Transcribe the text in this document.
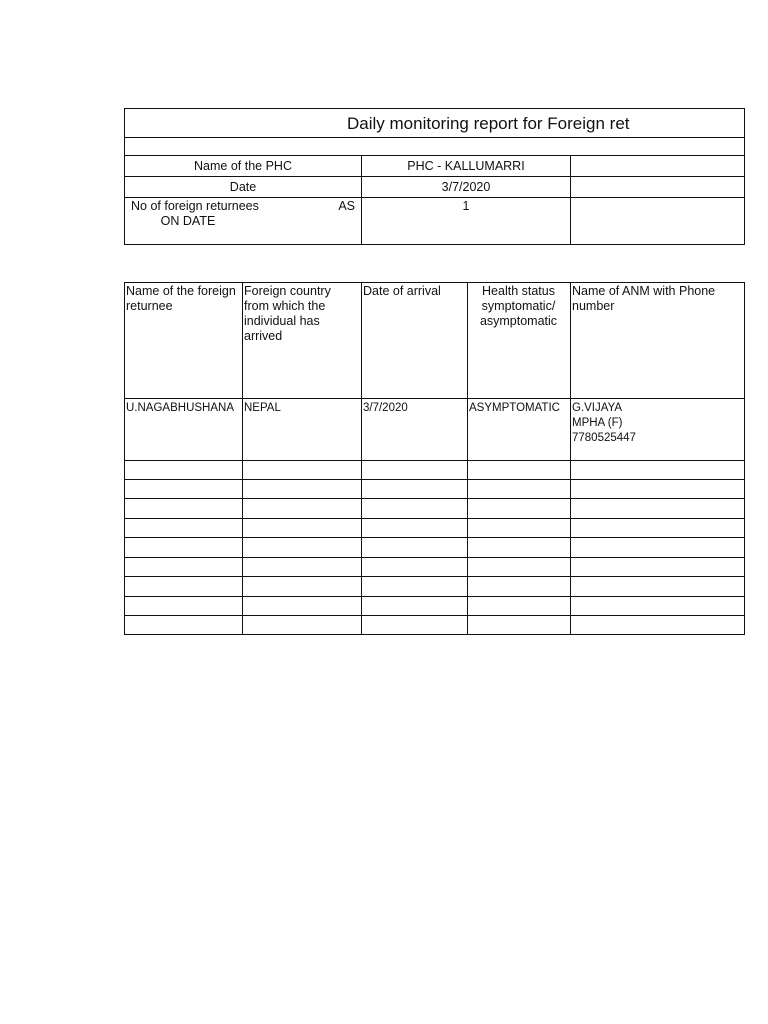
Daily monitoring report for Foreign ret		

Name of the PHC	PHC - KALLUMARRI	
Date	3/7/2020	

No of foreign returnees AS
ON DATE	1	
Name of the foreign returnee	Foreign country from which the individual has arrived	Date of arrival	Health status symptomatic/ asymptomatic	Name of ANM with Phone number
U.NAGABHUSHANA	NEPAL	3/7/2020	ASYMPTOMATIC	G.VIJAYA
MPHA (F)
7780525447
